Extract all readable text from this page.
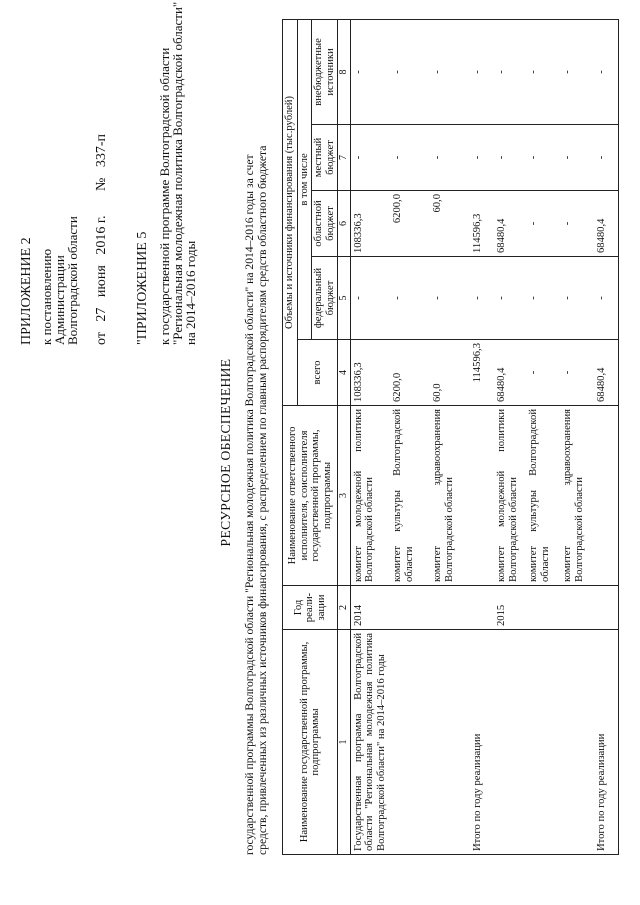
ПРИЛОЖЕНИЕ 2 к постановлению
Администрации
Волгоградской области от   27   июня   2016 г.       №   337-п
"ПРИЛОЖЕНИЕ 5 к государственной программе Волгоградской области
"Региональная молодежная политика Волгоградской области"
на 2014–2016 годы
РЕСУРСНОЕ ОБЕСПЕЧЕНИЕ государственной программы Волгоградской области "Региональная молодежная политика Волгоградской области" на 2014–2016 годы за счет средств, привлеченных из различных источников финансирования, с распределением по главным распорядителям средств областного бюджета	Наименование государственной программы, подпрограммы	Год реали-зации	Наименование ответственного исполнителя, соисполнителя государственной программы, подпрограммы	Объемы и источники финансирования (тыс.рублей)				
			всего	в том числе			
				федеральный бюджет	областной бюджет	местный бюджет	внебюджетные источники
1	2	3	4	5	6	7	8
Государственная программа Волгоградской области "Региональная молодежная политика Волгоградской области" на 2014–2016 годы	2014	комитет молодежной политики Волгоградской области	108336,3	-	108336,3	-	-
		комитет культуры Волгоградской области	6200,0	-	6200,0	-	-
		комитет здравоохранения Волгоградской области	60,0	-	60,0	-	-
Итого по году реализации			114596,3	-	114596,3	-	-
	2015	комитет молодежной политики Волгоградской области	68480,4	-	68480,4	-	-
		комитет культуры Волгоградской области	-	-	-	-	-
		комитет здравоохранения Волгоградской области	-	-	-	-	-
Итого по году реализации			68480,4	-	68480,4	-	-
